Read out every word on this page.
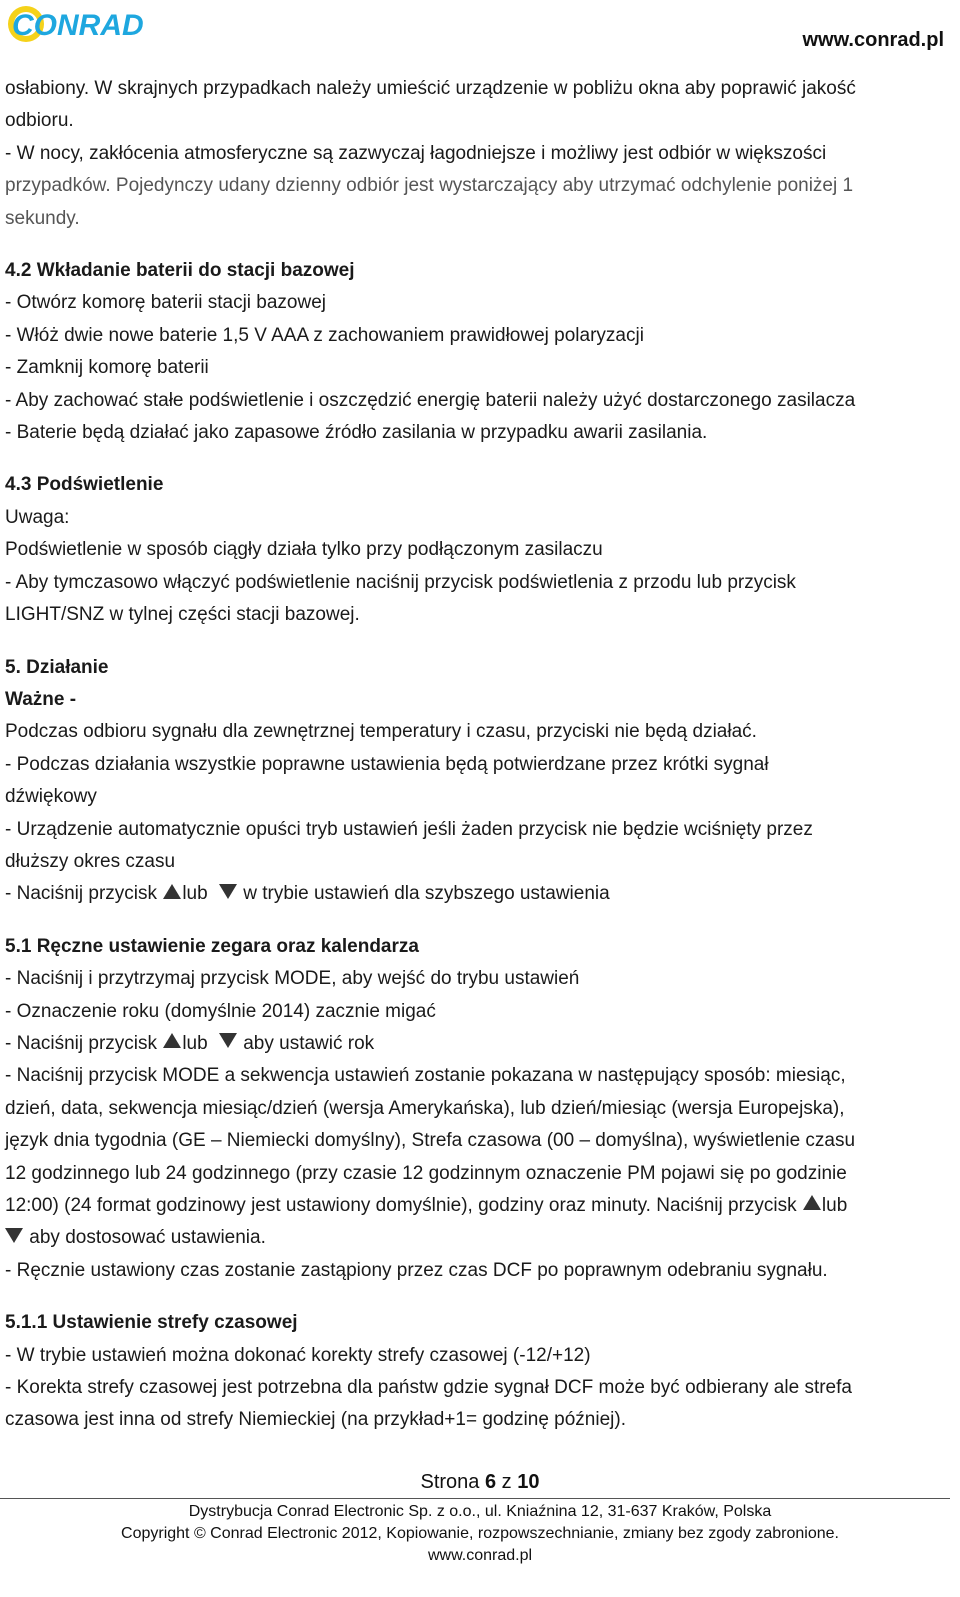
CONRAD	www.conrad.pl

osłabiony. W skrajnych przypadkach należy umieścić urządzenie w pobliżu okna aby poprawić jakość

odbioru.

- W nocy, zakłócenia atmosferyczne są zazwyczaj łagodniejsze i możliwy jest odbiór w większości

przypadków. Pojedynczy udany dzienny odbiór jest wystarczający aby utrzymać odchylenie poniżej 1

sekundy.

4.2 Wkładanie baterii do stacji bazowej

- Otwórz komorę baterii stacji bazowej

- Włóż dwie nowe baterie 1,5 V AAA z zachowaniem prawidłowej polaryzacji

- Zamknij komorę baterii

- Aby zachować stałe podświetlenie i oszczędzić energię baterii należy użyć dostarczonego zasilacza

- Baterie będą działać jako zapasowe źródło zasilania w przypadku awarii zasilania.

4.3 Podświetlenie

Uwaga:

Podświetlenie w sposób ciągły działa tylko przy podłączonym zasilaczu

- Aby tymczasowo włączyć podświetlenie naciśnij przycisk podświetlenia z przodu lub przycisk

LIGHT/SNZ w tylnej części stacji bazowej.

5. Działanie

Ważne -

Podczas odbioru sygnału dla zewnętrznej temperatury i czasu, przyciski nie będą działać.

- Podczas działania wszystkie poprawne ustawienia będą potwierdzane przez krótki sygnał

dźwiękowy

- Urządzenie automatycznie opuści tryb ustawień jeśli żaden przycisk nie będzie wciśnięty przez

dłuższy okres czasu

- Naciśnij przycisk lub  w trybie ustawień dla szybszego ustawienia

5.1 Ręczne ustawienie zegara oraz kalendarza

- Naciśnij i przytrzymaj przycisk MODE, aby wejść do trybu ustawień

- Oznaczenie roku (domyślnie 2014) zacznie migać

- Naciśnij przycisk lub  aby ustawić rok

- Naciśnij przycisk MODE a sekwencja ustawień zostanie pokazana w następujący sposób: miesiąc,

dzień, data, sekwencja miesiąc/dzień (wersja Amerykańska), lub dzień/miesiąc (wersja Europejska),

język dnia tygodnia (GE – Niemiecki domyślny), Strefa czasowa (00 – domyślna), wyświetlenie czasu

12 godzinnego lub 24 godzinnego (przy czasie 12 godzinnym oznaczenie PM pojawi się po godzinie

12:00) (24 format godzinowy jest ustawiony domyślnie), godziny oraz minuty. Naciśnij przycisk lub

aby dostosować ustawienia.

- Ręcznie ustawiony czas zostanie zastąpiony przez czas DCF po poprawnym odebraniu sygnału.

5.1.1 Ustawienie strefy czasowej

- W trybie ustawień można dokonać korekty strefy czasowej (-12/+12)

- Korekta strefy czasowej jest potrzebna dla państw gdzie sygnał DCF może być odbierany ale strefa

czasowa jest inna od strefy Niemieckiej (na przykład+1= godzinę później).

Strona 6 z 10
Dystrybucja Conrad Electronic Sp. z o.o., ul. Kniaźnina 12, 31-637 Kraków, Polska
Copyright © Conrad Electronic 2012, Kopiowanie, rozpowszechnianie, zmiany bez zgody zabronione.
www.conrad.pl
